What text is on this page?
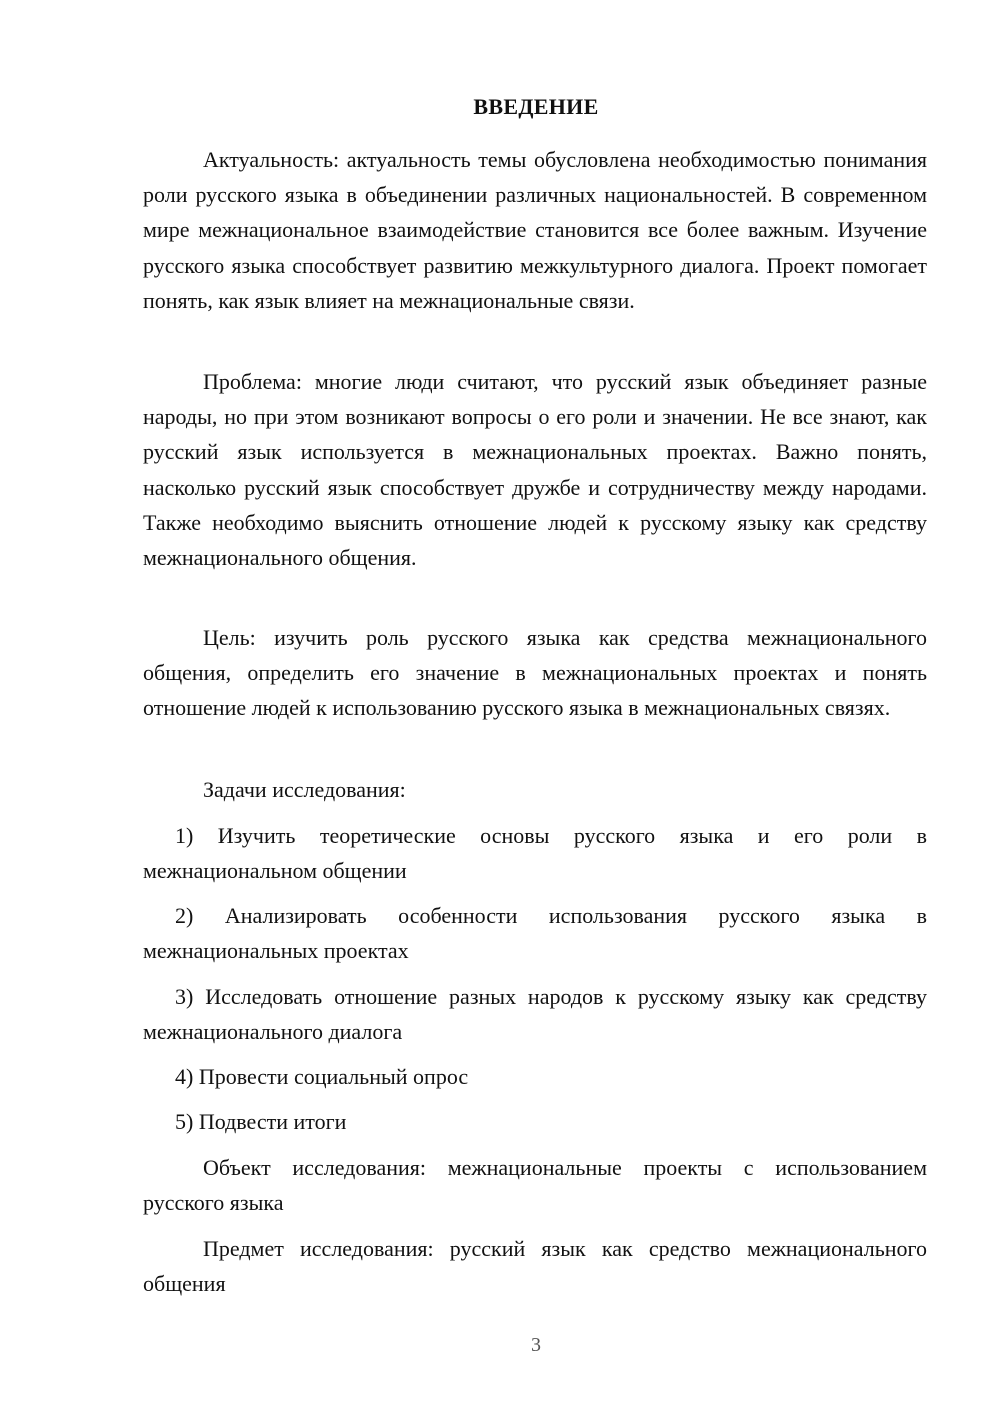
ВВЕДЕНИЕ

Актуальность: актуальность темы обусловлена необходимостью понимания роли русского языка в объединении различных национальностей. В современном мире межнациональное взаимодействие становится все более важным. Изучение русского языка способствует развитию межкультурного диалога. Проект помогает понять, как язык влияет на межнациональные связи.

Проблема: многие люди считают, что русский язык объединяет разные народы, но при этом возникают вопросы о его роли и значении. Не все знают, как русский язык используется в межнациональных проектах. Важно понять, насколько русский язык способствует дружбе и сотрудничеству между народами. Также необходимо выяснить отношение людей к русскому языку как средству межнационального общения.

Цель: изучить роль русского языка как средства межнационального общения, определить его значение в межнациональных проектах и понять отношение людей к использованию русского языка в межнациональных связях.

Задачи исследования:

1) Изучить теоретические основы русского языка и его роли в межнациональном общении

2) Анализировать особенности использования русского языка в межнациональных проектах

3) Исследовать отношение разных народов к русскому языку как средству межнационального диалога

4) Провести социальный опрос

5) Подвести итоги

Объект исследования: межнациональные проекты с использованием русского языка

Предмет исследования: русский язык как средство межнационального общения

3
